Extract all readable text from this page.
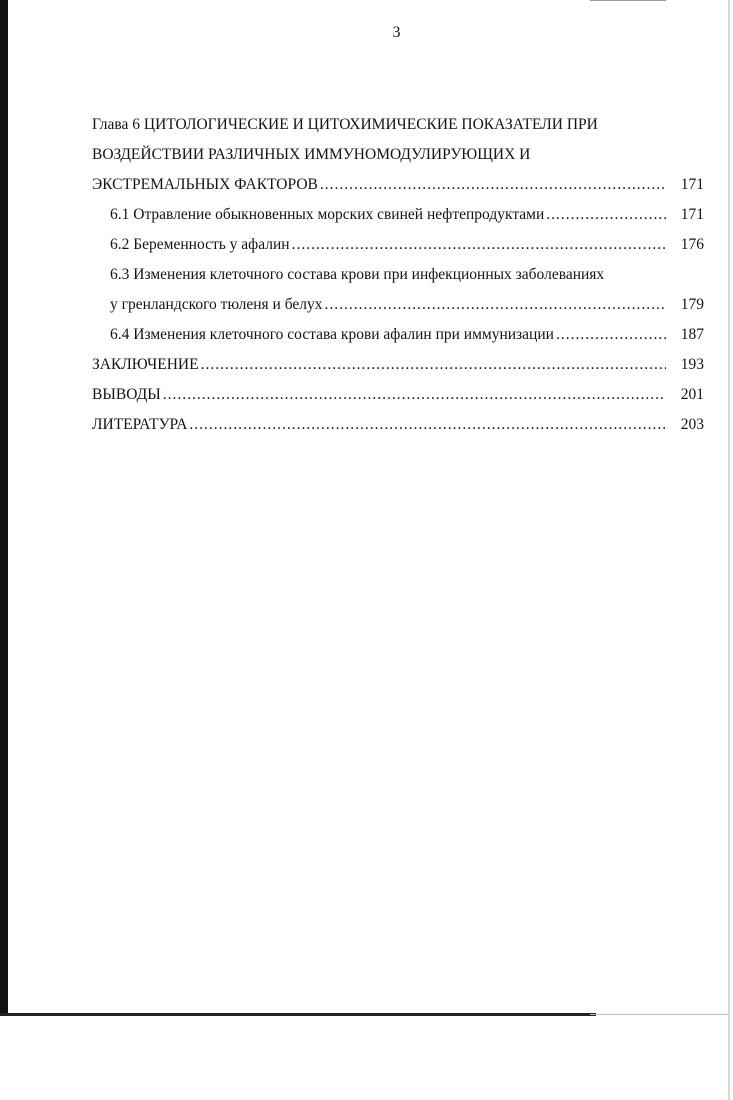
3
Глава 6 ЦИТОЛОГИЧЕСКИЕ И ЦИТОХИМИЧЕСКИЕ ПОКАЗАТЕЛИ ПРИ
ВОЗДЕЙСТВИИ РАЗЛИЧНЫХ ИММУНОМОДУЛИРУЮЩИХ И
ЭКСТРЕМАЛЬНЫХ ФАКТОРОВ .....	171
6.1 Отравление обыкновенных морских свиней нефтепродуктами .....	171
6.2 Беременность у афалин .....	176
6.3 Изменения клеточного состава крови при инфекционных заболеваниях
у гренландского тюленя и белух .....	179
6.4 Изменения клеточного состава крови афалин при иммунизации .....	187
ЗАКЛЮЧЕНИЕ .....	193
ВЫВОДЫ .....	201
ЛИТЕРАТУРА .....	203
